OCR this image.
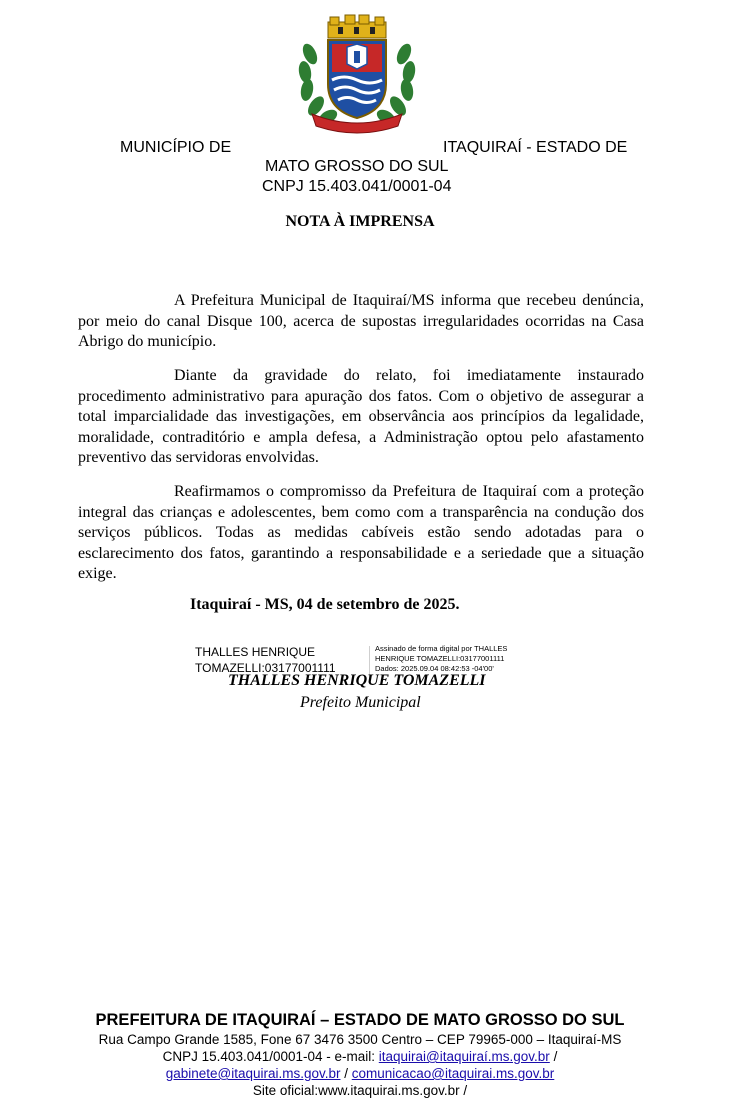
MUNICÍPIO DE	ITAQUIRAÍ - ESTADO DE
MATO GROSSO DO SUL
CNPJ 15.403.041/0001-04
NOTA À IMPRENSA

A Prefeitura Municipal de Itaquiraí/MS informa que recebeu denúncia, por meio do canal Disque 100, acerca de supostas irregularidades ocorridas na Casa Abrigo do município.

Diante da gravidade do relato, foi imediatamente instaurado procedimento administrativo para apuração dos fatos. Com o objetivo de assegurar a total imparcialidade das investigações, em observância aos princípios da legalidade, moralidade, contraditório e ampla defesa, a Administração optou pelo afastamento preventivo das servidoras envolvidas.

Reafirmamos o compromisso da Prefeitura de Itaquiraí com a proteção integral das crianças e adolescentes, bem como com a transparência na condução dos serviços públicos. Todas as medidas cabíveis estão sendo adotadas para o esclarecimento dos fatos, garantindo a responsabilidade e a seriedade que a situação exige.

Itaquiraí - MS, 04 de setembro de 2025.
THALLES HENRIQUE
TOMAZELLI:03177001111
Assinado de forma digital por THALLES
HENRIQUE TOMAZELLI:03177001111
Dados: 2025.09.04 08:42:53 -04'00'
THALLES HENRIQUE TOMAZELLI
Prefeito Municipal
PREFEITURA DE ITAQUIRAÍ – ESTADO DE MATO GROSSO DO SUL
Rua Campo Grande 1585, Fone 67 3476 3500 Centro – CEP 79965-000 – Itaquiraí-MS
CNPJ 15.403.041/0001-04 - e-mail: itaquirai@itaquiraí.ms.gov.br /
gabinete@itaquirai.ms.gov.br / comunicacao@itaquirai.ms.gov.br
Site oficial:www.itaquirai.ms.gov.br /
